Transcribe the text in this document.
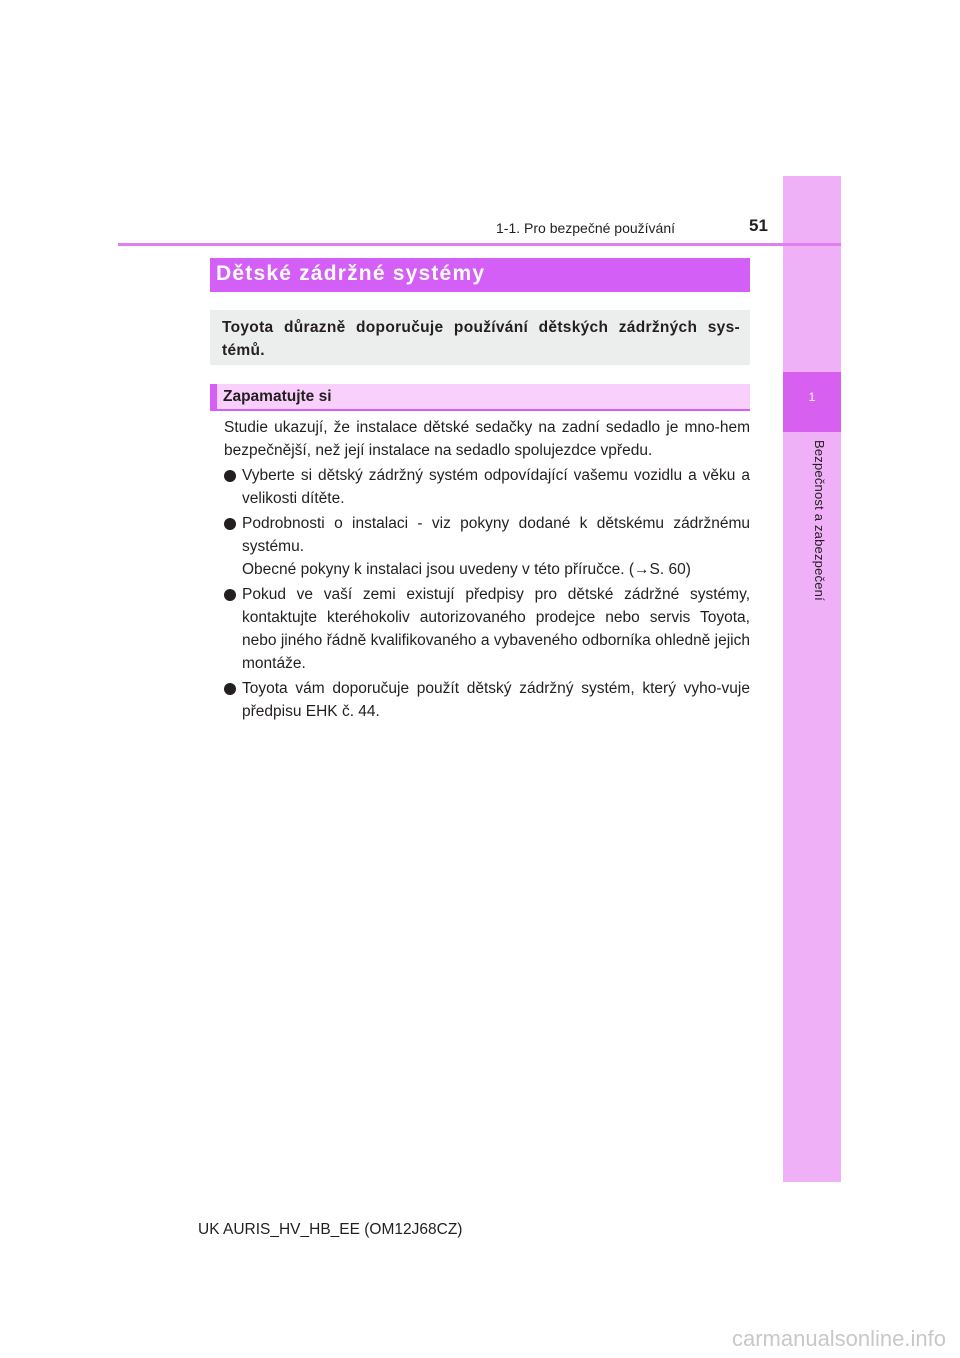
1
Bezpečnost a zabezpečení
1-1. Pro bezpečné používání	51
Dětské zádržné systémy
Toyota důrazně doporučuje používání dětských zádržných sys-témů.
Zapamatujte si

Studie ukazují, že instalace dětské sedačky na zadní sedadlo je mno-hem bezpečnější, než její instalace na sedadlo spolujezdce vpředu.

Vyberte si dětský zádržný systém odpovídající vašemu vozidlu a věku a velikosti dítěte.
Podrobnosti o instalaci - viz pokyny dodané k dětskému zádržnému systému.
Obecné pokyny k instalaci jsou uvedeny v této příručce. (→S. 60)
Pokud ve vaší zemi existují předpisy pro dětské zádržné systémy, kontaktujte kteréhokoliv autorizovaného prodejce nebo servis Toyota, nebo jiného řádně kvalifikovaného a vybaveného odborníka ohledně jejich montáže.
Toyota vám doporučuje použít dětský zádržný systém, který vyho-vuje předpisu EHK č. 44.
UK AURIS_HV_HB_EE (OM12J68CZ)
carmanualsonline.info
